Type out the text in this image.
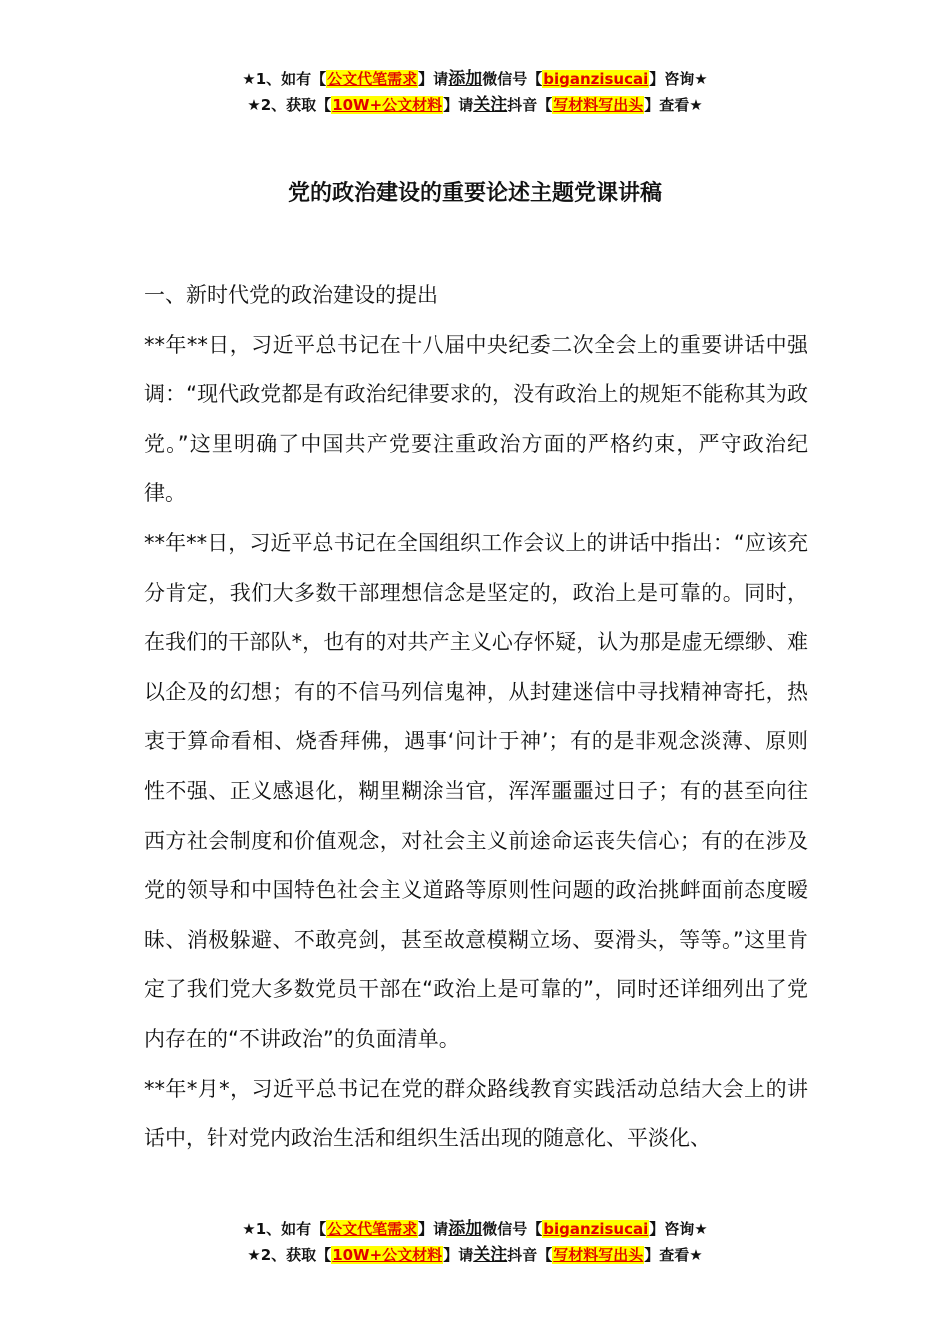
★1、如有【公文代笔需求】请添加微信号【biganzisucai】咨询★
★2、获取【10W+公文材料】请关注抖音【写材料写出头】查看★
党的政治建设的重要论述主题党课讲稿

一、新时代党的政治建设的提出

**年**日，习近平总书记在十八届中央纪委二次全会上的重要讲话中强调：“现代政党都是有政治纪律要求的，没有政治上的规矩不能称其为政党。”这里明确了中国共产党要注重政治方面的严格约束，严守政治纪律。

**年**日，习近平总书记在全国组织工作会议上的讲话中指出：“应该充分肯定，我们大多数干部理想信念是坚定的，政治上是可靠的。同时，在我们的干部队*，也有的对共产主义心存怀疑，认为那是虚无缥缈、难以企及的幻想；有的不信马列信鬼神，从封建迷信中寻找精神寄托，热衷于算命看相、烧香拜佛，遇事‘问计于神’；有的是非观念淡薄、原则性不强、正义感退化，糊里糊涂当官，浑浑噩噩过日子；有的甚至向往西方社会制度和价值观念，对社会主义前途命运丧失信心；有的在涉及党的领导和中国特色社会主义道路等原则性问题的政治挑衅面前态度暧昧、消极躲避、不敢亮剑，甚至故意模糊立场、耍滑头，等等。”这里肯定了我们党大多数党员干部在“政治上是可靠的”，同时还详细列出了党内存在的“不讲政治”的负面清单。

**年*月*，习近平总书记在党的群众路线教育实践活动总结大会上的讲话中，针对党内政治生活和组织生活出现的随意化、平淡化、

★1、如有【公文代笔需求】请添加微信号【biganzisucai】咨询★
★2、获取【10W+公文材料】请关注抖音【写材料写出头】查看★
